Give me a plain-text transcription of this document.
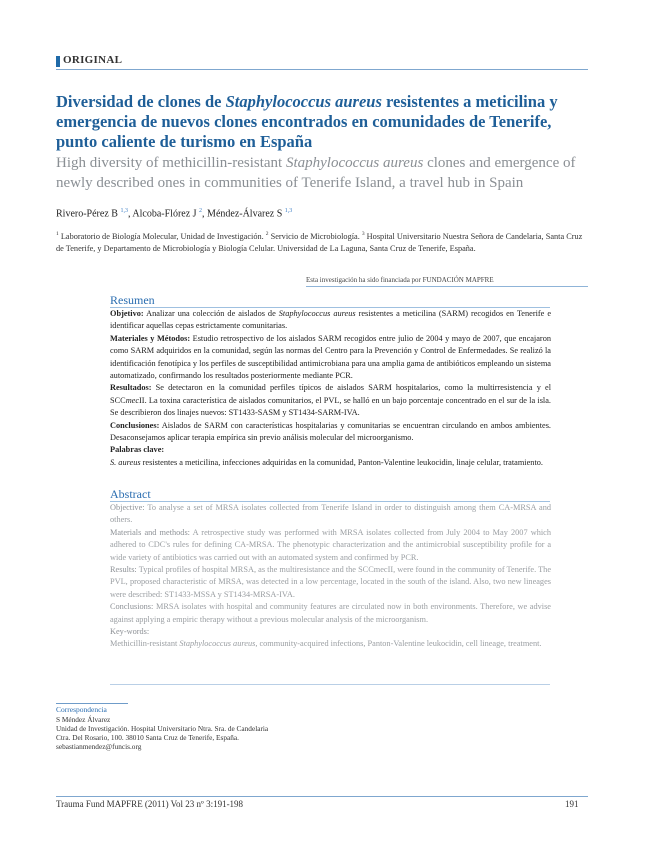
ORIGINAL
Diversidad de clones de Staphylococcus aureus resistentes a meticilina y emergencia de nuevos clones encontrados en comunidades de Tenerife, punto caliente de turismo en España
High diversity of methicillin-resistant Staphylococcus aureus clones and emergence of newly described ones in communities of Tenerife Island, a travel hub in Spain
Rivero-Pérez B $^{1,3}$, Alcoba-Flórez J $^2$, Méndez-Álvarez S $^{1,3}$
$^1$ Laboratorio de Biología Molecular, Unidad de Investigación. $^2$ Servicio de Microbiología. $^3$ Hospital Universitario Nuestra Señora de Candelaria, Santa Cruz de Tenerife, y Departamento de Microbiología y Biología Celular. Universidad de La Laguna, Santa Cruz de Tenerife, España.
Esta investigación ha sido financiada por FUNDACIÓN MAPFRE
Resumen

Objetivo: Analizar una colección de aislados de Staphylococcus aureus resistentes a meticilina (SARM) recogidos en Tenerife e identificar aquellas cepas estrictamente comunitarias.

Materiales y Métodos: Estudio retrospectivo de los aislados SARM recogidos entre julio de 2004 y mayo de 2007, que encajaron como SARM adquiridos en la comunidad, según las normas del Centro para la Prevención y Control de Enfermedades. Se realizó la identificación fenotípica y los perfiles de susceptibilidad antimicrobiana para una amplia gama de antibióticos empleando un sistema automatizado, confirmando los resultados posteriormente mediante PCR.

Resultados: Se detectaron en la comunidad perfiles típicos de aislados SARM hospitalarios, como la multirresistencia y el SCCmecII. La toxina característica de aislados comunitarios, el PVL, se halló en un bajo porcentaje concentrado en el sur de la isla. Se describieron dos linajes nuevos: ST1433-SASM y ST1434-SARM-IVA.

Conclusiones: Aislados de SARM con características hospitalarias y comunitarias se encuentran circulando en ambos ambientes. Desaconsejamos aplicar terapia empírica sin previo análisis molecular del microorganismo.

Palabras clave:

S. aureus resistentes a meticilina, infecciones adquiridas en la comunidad, Panton-Valentine leukocidin, linaje celular, tratamiento.

Abstract

Objective: To analyse a set of MRSA isolates collected from Tenerife Island in order to distinguish among them CA-MRSA and others.

Materials and methods: A retrospective study was performed with MRSA isolates collected from July 2004 to May 2007 which adhered to CDC's rules for defining CA-MRSA. The phenotypic characterization and the antimicrobial susceptibility profile for a wide variety of antibiotics was carried out with an automated system and confirmed by PCR.

Results: Typical profiles of hospital MRSA, as the multiresistance and the SCCmecII, were found in the community of Tenerife. The PVL, proposed characteristic of MRSA, was detected in a low percentage, located in the south of the island. Also, two new lineages were described: ST1433-MSSA y ST1434-MRSA-IVA.

Conclusions: MRSA isolates with hospital and community features are circulated now in both environments. Therefore, we advise against applying a empiric therapy without a previous molecular analysis of the microorganism.

Key-words:

Methicillin-resistant Staphylococcus aureus, community-acquired infections, Panton-Valentine leukocidin, cell lineage, treatment.

Correspondencia
S Méndez Álvarez
Unidad de Investigación. Hospital Universitario Ntra. Sra. de Candelaria
Ctra. Del Rosario, 100. 38010 Santa Cruz de Tenerife, España.
sebastianmendez@funcis.org
Trauma Fund MAPFRE (2011) Vol 23 nº 3:191-198	191
